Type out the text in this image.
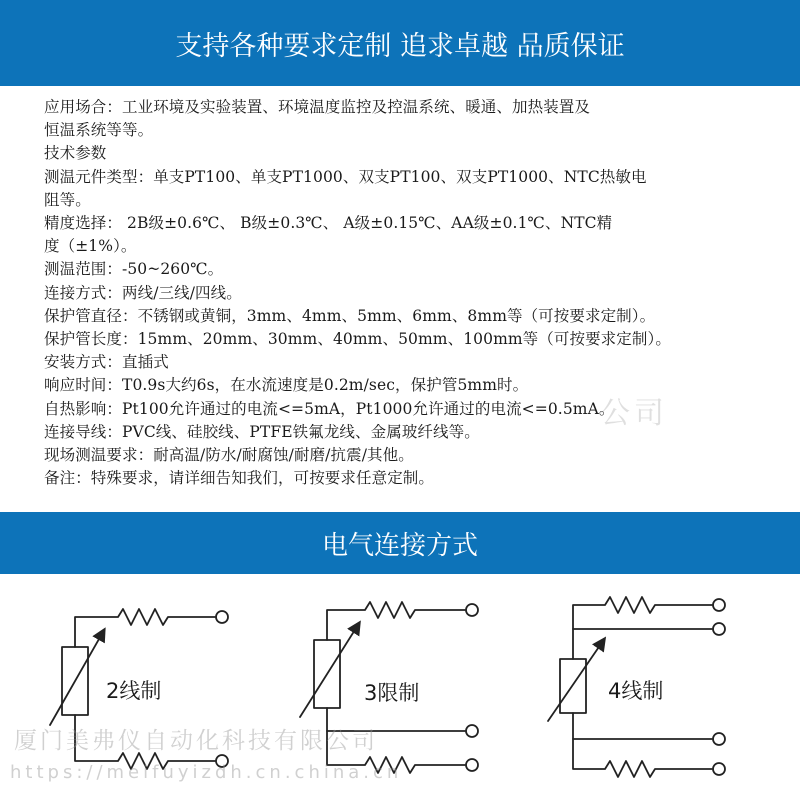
支持各种要求定制 追求卓越 品质保证
应用场合：工业环境及实验装置、环境温度监控及控温系统、暖通、加热装置及
恒温系统等等。
技术参数
测温元件类型：单支PT100、单支PT1000、双支PT100、双支PT1000、NTC热敏电
阻等。
精度选择： 2B级±0.6℃、 B级±0.3℃、 A级±0.15℃、AA级±0.1℃、NTC精
度（±1%）。
测温范围：-50~260℃。
连接方式：两线/三线/四线。
保护管直径：不锈钢或黄铜，3mm、4mm、5mm、6mm、8mm等（可按要求定制）。
保护管长度：15mm、20mm、30mm、40mm、50mm、100mm等（可按要求定制）。
安装方式：直插式
响应时间：T0.9s大约6s，在水流速度是0.2m/sec，保护管5mm时。
自热影响：Pt100允许通过的电流<=5mA，Pt1000允许通过的电流<=0.5mA。
连接导线：PVC线、硅胶线、PTFE铁氟龙线、金属玻纤线等。
现场测温要求：耐高温/防水/耐腐蚀/耐磨/抗震/其他。
备注：特殊要求，请详细告知我们，可按要求任意定制。
公司
电气连接方式
2线制	3限制	4线制
厦门美弗仪自动化科技有限公司
https://meifuyizdh.cn.china.cn
